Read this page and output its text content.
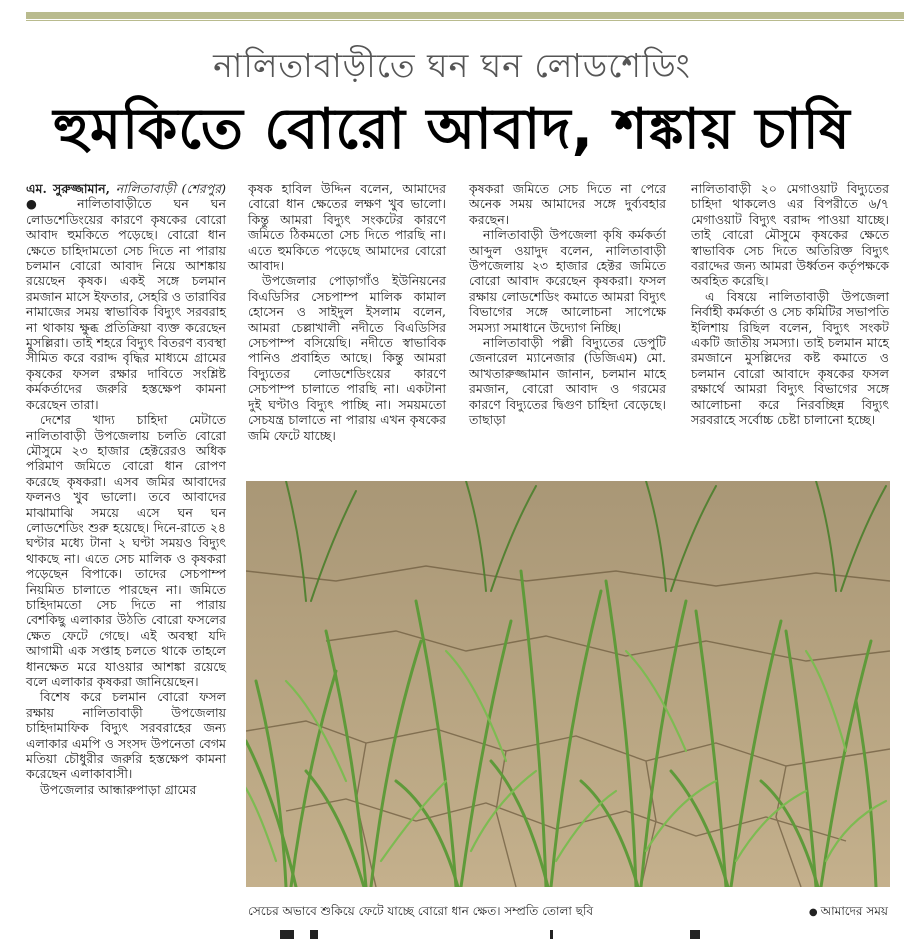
নালিতাবাড়ীতে ঘন ঘন লোডশেডিং
হুমকিতে বোরো আবাদ, শঙ্কায় চাষি

এম. সুরুজ্জামান, নালিতাবাড়ী (শেরপুর) ● নালিতাবাড়ীতে ঘন ঘন লোডশেডিংয়ের কারণে কৃষকের বোরো আবাদ হুমকিতে পড়েছে। বোরো ধান ক্ষেতে চাহিদামতো সেচ দিতে না পারায় চলমান বোরো আবাদ নিয়ে আশঙ্কায় রয়েছেন কৃষক। একই সঙ্গে চলমান রমজান মাসে ইফতার, সেহরি ও তারাবির নামাজের সময় স্বাভাবিক বিদ্যুৎ সরবরাহ না থাকায় ক্ষুব্ধ প্রতিক্রিয়া ব্যক্ত করেছেন মুসল্লিরা। তাই শহরে বিদ্যুৎ বিতরণ ব্যবস্থা সীমিত করে বরাদ্দ বৃদ্ধির মাধ্যমে গ্রামের কৃষকের ফসল রক্ষার দাবিতে সংশ্লিষ্ট কর্মকর্তাদের জরুরি হস্তক্ষেপ কামনা করেছেন তারা।

দেশের খাদ্য চাহিদা মেটাতে নালিতাবাড়ী উপজেলায় চলতি বোরো মৌসুমে ২৩ হাজার হেক্টরেরও অধিক পরিমাণ জমিতে বোরো ধান রোপণ করেছে কৃষকরা। এসব জমির আবাদের ফলনও খুব ভালো। তবে আবাদের মাঝামাঝি সময়ে এসে ঘন ঘন লোডশেডিং শুরু হয়েছে। দিনে-রাতে ২৪ ঘণ্টার মধ্যে টানা ২ ঘণ্টা সময়ও বিদ্যুৎ থাকছে না। এতে সেচ মালিক ও কৃষকরা পড়েছেন বিপাকে। তাদের সেচপাম্প নিয়মিত চালাতে পারছেন না। জমিতে চাহিদামতো সেচ দিতে না পারায় বেশকিছু এলাকার উঠতি বোরো ফসলের ক্ষেত ফেটে গেছে। এই অবস্থা যদি আগামী এক সপ্তাহ চলতে থাকে তাহলে ধানক্ষেত মরে যাওয়ার আশঙ্কা রয়েছে বলে এলাকার কৃষকরা জানিয়েছেন।

বিশেষ করে চলমান বোরো ফসল রক্ষায় নালিতাবাড়ী উপজেলায় চাহিদামাফিক বিদ্যুৎ সরবরাহের জন্য এলাকার এমপি ও সংসদ উপনেতা বেগম মতিয়া চৌধুরীর জরুরি হস্তক্ষেপ কামনা করেছেন এলাকাবাসী।

উপজেলার আন্ধারুপাড়া গ্রামের

কৃষক হাবিল উদ্দিন বলেন, আমাদের বোরো ধান ক্ষেতের লক্ষণ খুব ভালো। কিন্তু আমরা বিদ্যুৎ সংকটের কারণে জমিতে ঠিকমতো সেচ দিতে পারছি না। এতে হুমকিতে পড়েছে আমাদের বোরো আবাদ।

উপজেলার পোড়াগাঁও ইউনিয়নের বিএডিসির সেচপাম্প মালিক কামাল হোসেন ও সাইদুল ইসলাম বলেন, আমরা চেল্লাখালী নদীতে বিএডিসির সেচপাম্প বসিয়েছি। নদীতে স্বাভাবিক পানিও প্রবাহিত আছে। কিন্তু আমরা বিদ্যুতের লোডশেডিংয়ের কারণে সেচপাম্প চালাতে পারছি না। একটানা দুই ঘণ্টাও বিদ্যুৎ পাচ্ছি না। সময়মতো সেচযন্ত্র চালাতে না পারায় এখন কৃষকের জমি ফেটে যাচ্ছে।

কৃষকরা জমিতে সেচ দিতে না পেরে অনেক সময় আমাদের সঙ্গে দুর্ব্যবহার করছেন।

নালিতাবাড়ী উপজেলা কৃষি কর্মকর্তা আব্দুল ওয়াদুদ বলেন, নালিতাবাড়ী উপজেলায় ২৩ হাজার হেক্টর জমিতে বোরো আবাদ করেছেন কৃষকরা। ফসল রক্ষায় লোডশেডিং কমাতে আমরা বিদ্যুৎ বিভাগের সঙ্গে আলোচনা সাপেক্ষে সমস্যা সমাধানে উদ্যোগ নিচ্ছি।

নালিতাবাড়ী পল্লী বিদ্যুতের ডেপুটি জেনারেল ম্যানেজার (ডিজিএম) মো. আখতারুজ্জামান জানান, চলমান মাহে রমজান, বোরো আবাদ ও গরমের কারণে বিদ্যুতের দ্বিগুণ চাহিদা বেড়েছে। তাছাড়া

নালিতাবাড়ী ২০ মেগাওয়াট বিদ্যুতের চাহিদা থাকলেও এর বিপরীতে ৬/৭ মেগাওয়াট বিদ্যুৎ বরাদ্দ পাওয়া যাচ্ছে। তাই বোরো মৌসুমে কৃষকের ক্ষেতে স্বাভাবিক সেচ দিতে অতিরিক্ত বিদ্যুৎ বরাদ্দের জন্য আমরা উর্ধ্বতন কর্তৃপক্ষকে অবহিত করেছি।

এ বিষয়ে নালিতাবাড়ী উপজেলা নির্বাহী কর্মকর্তা ও সেচ কমিটির সভাপতি ইলিশায় রিছিল বলেন, বিদ্যুৎ সংকট একটি জাতীয় সমস্যা। তাই চলমান মাহে রমজানে মুসল্লিদের কষ্ট কমাতে ও চলমান বোরো আবাদে কৃষকের ফসল রক্ষার্থে আমরা বিদ্যুৎ বিভাগের সঙ্গে আলোচনা করে নিরবচ্ছিন্ন বিদ্যুৎ সরবরাহে সর্বোচ্চ চেষ্টা চালানো হচ্ছে।

সেচের অভাবে শুকিয়ে ফেটে যাচ্ছে বোরো ধান ক্ষেত। সম্প্রতি তোলা ছবি	● আমাদের সময়
